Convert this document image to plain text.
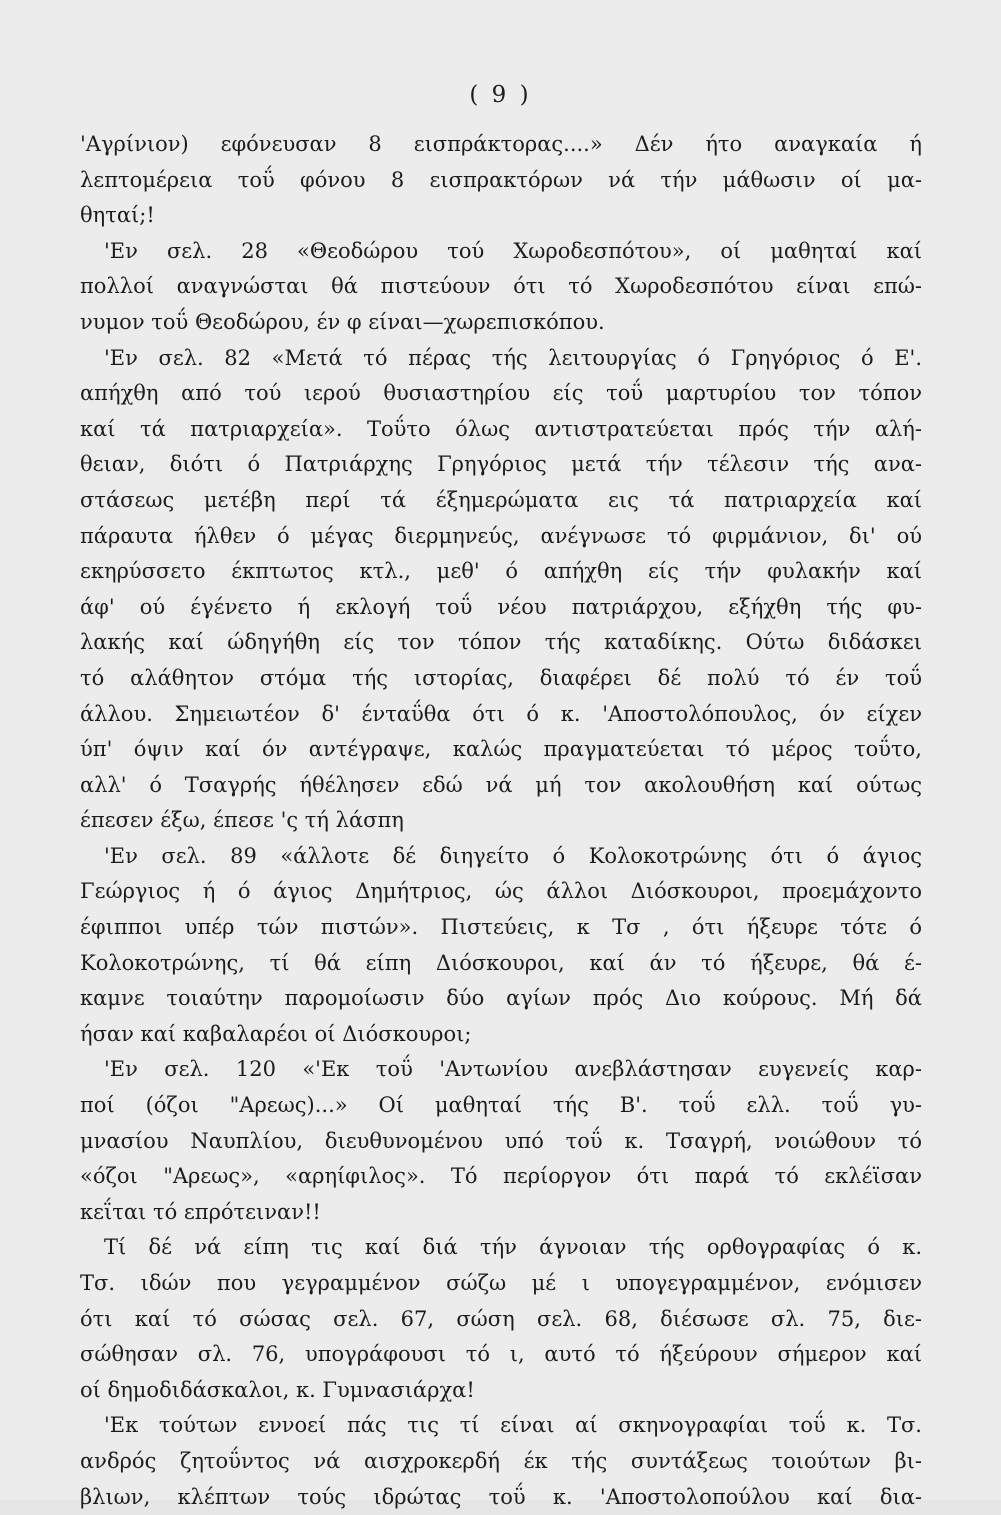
( 9 )
'Αγρίνιον) εφόνευσαν 8 εισπράκτορας....» Δέν ήτο αναγκαία ή
λεπτομέρεια τοΰ φόνου 8 εισπρακτόρων νά τήν μάθωσιν οί μα-
θηταί;!
'Εν σελ. 28 «Θεοδώρου τού Χωροδεσπότου», οί μαθηταί καί
πολλοί αναγνώσται θά πιστεύουν ότι τό Χωροδεσπότου είναι επώ-
νυμον τοΰ Θεοδώρου, έν φ είναι—χωρεπισκόπου.
'Εν σελ. 82 «Μετά τό πέρας τής λειτουργίας ό Γρηγόριος ό Ε'.
απήχθη από τού ιερού θυσιαστηρίου είς τοΰ μαρτυρίου τον τόπον
καί τά πατριαρχεία». Τοΰτο όλως αντιστρατεύεται πρός τήν αλή-
θειαν, διότι ό Πατριάρχης Γρηγόριος μετά τήν τέλεσιν τής ανα-
στάσεως μετέβη περί τά έξημερώματα εις τά πατριαρχεία καί
πάραυτα ήλθεν ό μέγας διερμηνεύς, ανέγνωσε τό φιρμάνιον, δι' ού
εκηρύσσετο έκπτωτος κτλ., μεθ' ό απήχθη είς τήν φυλακήν καί
άφ' ού έγένετο ή εκλογή τοΰ νέου πατριάρχου, εξήχθη τής φυ-
λακής καί ώδηγήθη είς τον τόπον τής καταδίκης. Ούτω διδάσκει
τό αλάθητον στόμα τής ιστορίας, διαφέρει δέ πολύ τό έν τοΰ
άλλου. Σημειωτέον δ' ένταΰθα ότι ό κ. 'Αποστολόπουλος, όν είχεν
ύπ' όψιν καί όν αντέγραψε, καλώς πραγματεύεται τό μέρος τοΰτο,
αλλ' ό Τσαγρής ήθέλησεν εδώ νά μή τον ακολουθήση καί ούτως
έπεσεν έξω, έπεσε 'ς τή λάσπη
'Εν σελ. 89 «άλλοτε δέ διηγείτο ό Κολοκοτρώνης ότι ό άγιος
Γεώργιος ή ό άγιος Δημήτριος, ώς άλλοι Διόσκουροι, προεμάχοντο
έφιπποι υπέρ τών πιστών». Πιστεύεις, κ Τσ , ότι ήξευρε τότε ό
Κολοκοτρώνης, τί θά είπη Διόσκουροι, καί άν τό ήξευρε, θά έ-
καμνε τοιαύτην παρομοίωσιν δύο αγίων πρός Διο κούρους. Μή δά
ήσαν καί καβαλαρέοι οί Διόσκουροι;
'Εν σελ. 120 «'Εκ τοΰ 'Αντωνίου ανεβλάστησαν ευγενείς καρ-
ποί (όζοι "Αρεως)...» Οί μαθηταί τής Β'. τοΰ ελλ. τοΰ γυ-
μνασίου Ναυπλίου, διευθυνομένου υπό τοΰ κ. Τσαγρή, νοιώθουν τό
«όζοι "Αρεως», «αρηίφιλος». Τό περίοργον ότι παρά τό εκλέϊσαν
κεΐται τό επρότειναν!!
Τί δέ νά είπη τις καί διά τήν άγνοιαν τής ορθογραφίας ό κ.
Τσ. ιδών που γεγραμμένον σώζω μέ ι υπογεγραμμένον, ενόμισεν
ότι καί τό σώσας σελ. 67, σώση σελ. 68, διέσωσε σλ. 75, διε-
σώθησαν σλ. 76, υπογράφουσι τό ι, αυτό τό ήξεύρουν σήμερον καί
οί δημοδιδάσκαλοι, κ. Γυμνασιάρχα!
'Εκ τούτων εννοεί πάς τις τί είναι αί σκηνογραφίαι τοΰ κ. Τσ.
ανδρός ζητοΰντος νά αισχροκερδή έκ τής συντάξεως τοιούτων βι-
βλιων, κλέπτων τούς ιδρώτας τοΰ κ. 'Αποστολοπούλου καί δια-
